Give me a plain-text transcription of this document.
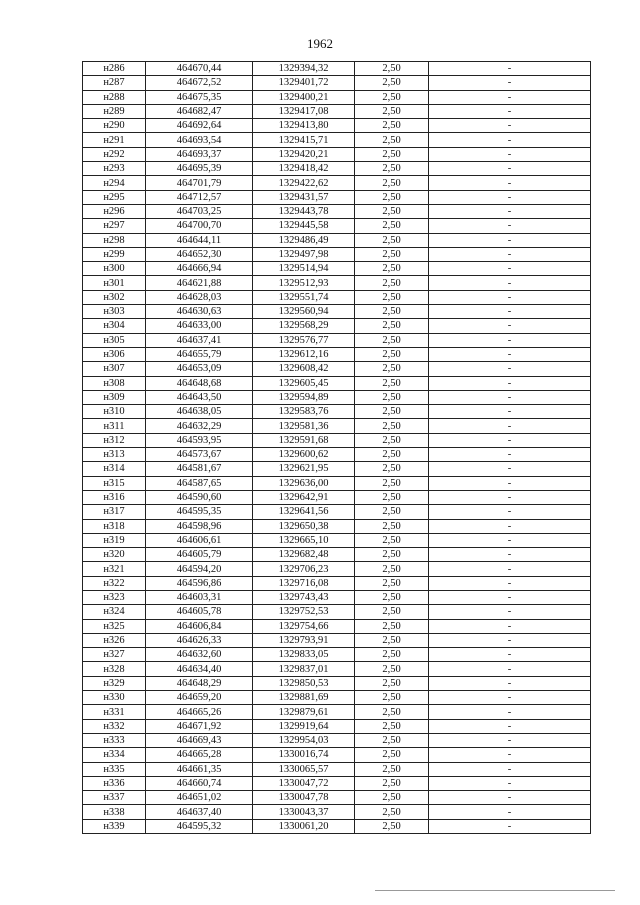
1962
н286	464670,44	1329394,32	2,50	-
н287	464672,52	1329401,72	2,50	-
н288	464675,35	1329400,21	2,50	-
н289	464682,47	1329417,08	2,50	-
н290	464692,64	1329413,80	2,50	-
н291	464693,54	1329415,71	2,50	-
н292	464693,37	1329420,21	2,50	-
н293	464695,39	1329418,42	2,50	-
н294	464701,79	1329422,62	2,50	-
н295	464712,57	1329431,57	2,50	-
н296	464703,25	1329443,78	2,50	-
н297	464700,70	1329445,58	2,50	-
н298	464644,11	1329486,49	2,50	-
н299	464652,30	1329497,98	2,50	-
н300	464666,94	1329514,94	2,50	-
н301	464621,88	1329512,93	2,50	-
н302	464628,03	1329551,74	2,50	-
н303	464630,63	1329560,94	2,50	-
н304	464633,00	1329568,29	2,50	-
н305	464637,41	1329576,77	2,50	-
н306	464655,79	1329612,16	2,50	-
н307	464653,09	1329608,42	2,50	-
н308	464648,68	1329605,45	2,50	-
н309	464643,50	1329594,89	2,50	-
н310	464638,05	1329583,76	2,50	-
н311	464632,29	1329581,36	2,50	-
н312	464593,95	1329591,68	2,50	-
н313	464573,67	1329600,62	2,50	-
н314	464581,67	1329621,95	2,50	-
н315	464587,65	1329636,00	2,50	-
н316	464590,60	1329642,91	2,50	-
н317	464595,35	1329641,56	2,50	-
н318	464598,96	1329650,38	2,50	-
н319	464606,61	1329665,10	2,50	-
н320	464605,79	1329682,48	2,50	-
н321	464594,20	1329706,23	2,50	-
н322	464596,86	1329716,08	2,50	-
н323	464603,31	1329743,43	2,50	-
н324	464605,78	1329752,53	2,50	-
н325	464606,84	1329754,66	2,50	-
н326	464626,33	1329793,91	2,50	-
н327	464632,60	1329833,05	2,50	-
н328	464634,40	1329837,01	2,50	-
н329	464648,29	1329850,53	2,50	-
н330	464659,20	1329881,69	2,50	-
н331	464665,26	1329879,61	2,50	-
н332	464671,92	1329919,64	2,50	-
н333	464669,43	1329954,03	2,50	-
н334	464665,28	1330016,74	2,50	-
н335	464661,35	1330065,57	2,50	-
н336	464660,74	1330047,72	2,50	-
н337	464651,02	1330047,78	2,50	-
н338	464637,40	1330043,37	2,50	-
н339	464595,32	1330061,20	2,50	-
